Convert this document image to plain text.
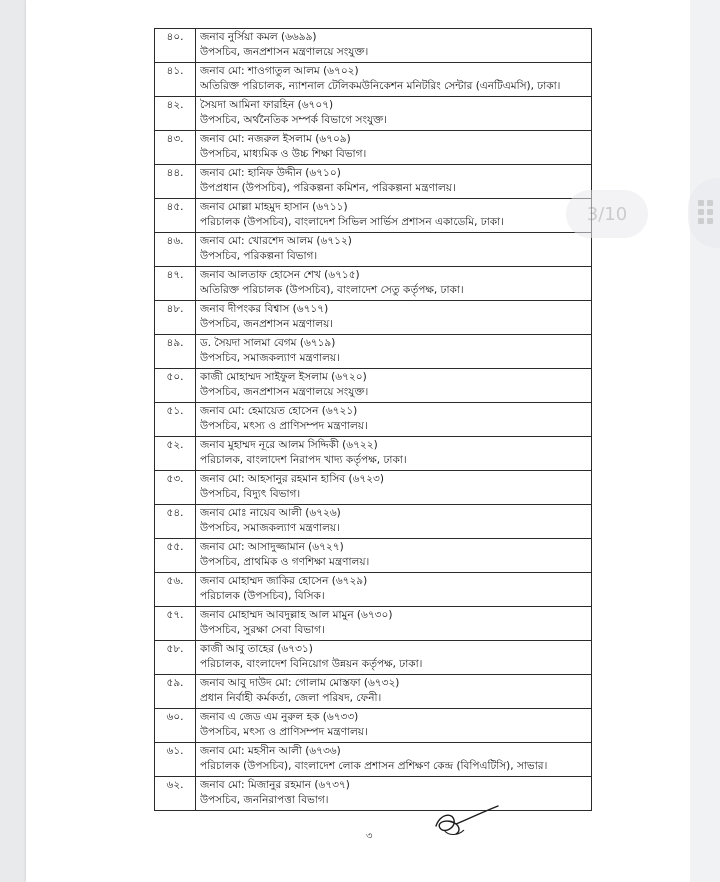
৪০.	জনাব নুর্সিয়া কমল (৬৬৯৯)
উপসচিব, জনপ্রশাসন মন্ত্রণালয়ে সংযুক্ত।

৪১.	জনাব মো: শাওগাতুল আলম (৬৭০২)
অতিরিক্ত পরিচালক, ন্যাশনাল টেলিকমউনিকেশন মনিটরিং সেন্টার (এনটিএমসি), ঢাকা।

৪২.	সৈয়দা আমিনা ফারহিন (৬৭০৭)
উপসচিব, অর্থনৈতিক সম্পর্ক বিভাগে সংযুক্ত।

৪৩.	জনাব মো: নজরুল ইসলাম (৬৭০৯)
উপসচিব, মাধ্যমিক ও উচ্চ শিক্ষা বিভাগ।

৪৪.	জনাব মো: হানিফ উদ্দীন (৬৭১০)
উপপ্রধান (উপসচিব), পরিকল্পনা কমিশন, পরিকল্পনা মন্ত্রণালয়।

৪৫.	জনাব মোল্লা মাহমুদ হাসান (৬৭১১)
পরিচালক (উপসচিব), বাংলাদেশ সিভিল সার্ভিস প্রশাসন একাডেমি, ঢাকা।

৪৬.	জনাব মো: খোরশেদ আলম (৬৭১২)
উপসচিব, পরিকল্পনা বিভাগ।

৪৭.	জনাব আলতাফ হোসেন শেখ (৬৭১৫)
অতিরিক্ত পরিচালক (উপসচিব), বাংলাদেশ সেতু কর্তৃপক্ষ, ঢাকা।

৪৮.	জনাব দীপংকর বিশ্বাস (৬৭১৭)
উপসচিব, জনপ্রশাসন মন্ত্রণালয়।

৪৯.	ড. সৈয়দা সালমা বেগম (৬৭১৯)
উপসচিব, সমাজকল্যাণ মন্ত্রণালয়।

৫০.	কাজী মোহাম্মদ সাইফুল ইসলাম (৬৭২০)
উপসচিব, জনপ্রশাসন মন্ত্রণালয়ে সংযুক্ত।

৫১.	জনাব মো: হেমায়েত হোসেন (৬৭২১)
উপসচিব, মৎস্য ও প্রাণিসম্পদ মন্ত্রণালয়।

৫২.	জনাব মুহাম্মদ নূরে আলম সিদ্দিকী (৬৭২২)
পরিচালক, বাংলাদেশ নিরাপদ খাদ্য কর্তৃপক্ষ, ঢাকা।

৫৩.	জনাব মো: আহসানুর রহমান হাসিব (৬৭২৩)
উপসচিব, বিদ্যুৎ বিভাগ।

৫৪.	জনাব মোঃ নায়েব আলী (৬৭২৬)
উপসচিব, সমাজকল্যাণ মন্ত্রণালয়।

৫৫.	জনাব মো: আসাদুজ্জামান (৬৭২৭)
উপসচিব, প্রাথমিক ও গণশিক্ষা মন্ত্রণালয়।

৫৬.	জনাব মোহাম্মদ জাকির হোসেন (৬৭২৯)
পরিচালক (উপসচিব), বিসিক।

৫৭.	জনাব মোহাম্মদ আবদুল্লাহ আল মামুন (৬৭৩০)
উপসচিব, সুরক্ষা সেবা বিভাগ।

৫৮.	কাজী আবু তাহের (৬৭৩১)
পরিচালক, বাংলাদেশ বিনিয়োগ উন্নয়ন কর্তৃপক্ষ, ঢাকা।

৫৯.	জনাব আবু দাউদ মো: গোলাম মোস্তফা (৬৭৩২)
প্রধান নির্বাহী কর্মকর্তা, জেলা পরিষদ, ফেনী।

৬০.	জনাব এ জেড এম নুরুল হক (৬৭৩৩)
উপসচিব, মৎস্য ও প্রাণিসম্পদ মন্ত্রণালয়।

৬১.	জনাব মো: মহসীন আলী (৬৭৩৬)
পরিচালক (উপসচিব), বাংলাদেশ লোক প্রশাসন প্রশিক্ষণ কেন্দ্র (বিপিএটিসি), সাভার।

৬২.	জনাব মো: মিজানুর রহমান (৬৭৩৭)
উপসচিব, জননিরাপত্তা বিভাগ।
৩
3/10
